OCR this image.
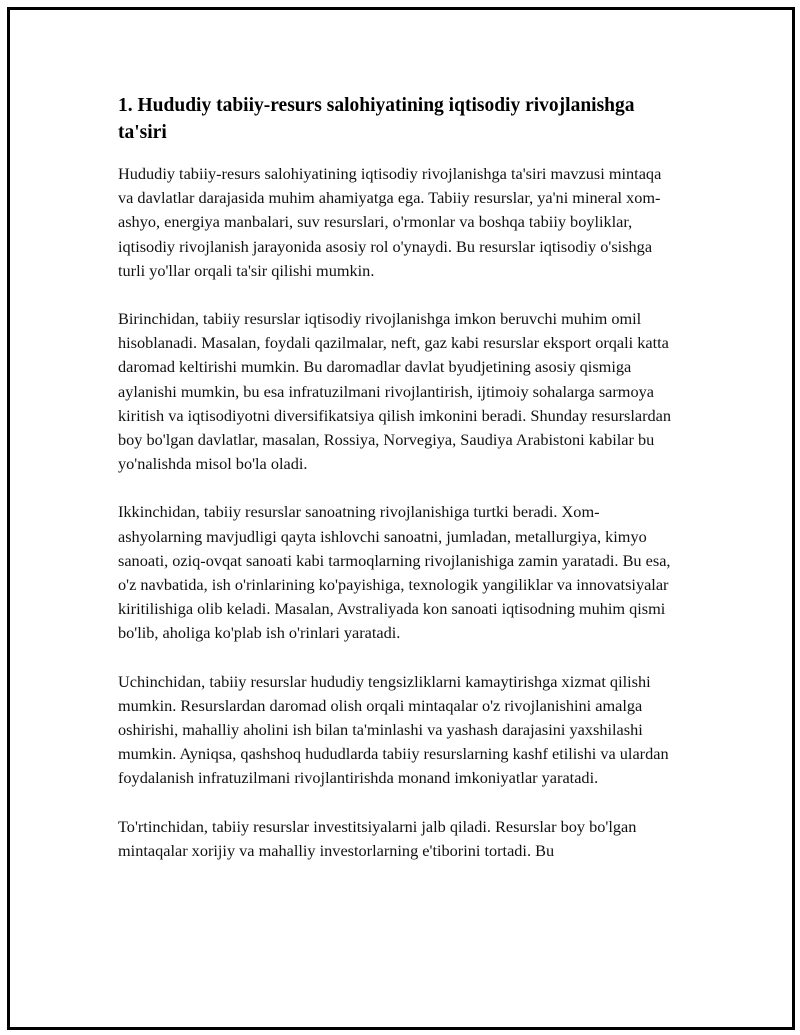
1. Hududiy tabiiy-resurs salohiyatining iqtisodiy rivojlanishga ta'siri

Hududiy tabiiy-resurs salohiyatining iqtisodiy rivojlanishga ta'siri mavzusi mintaqa va davlatlar darajasida muhim ahamiyatga ega. Tabiiy resurslar, ya'ni mineral xom-ashyo, energiya manbalari, suv resurslari, o'rmonlar va boshqa tabiiy boyliklar, iqtisodiy rivojlanish jarayonida asosiy rol o'ynaydi. Bu resurslar iqtisodiy o'sishga turli yo'llar orqali ta'sir qilishi mumkin.

Birinchidan, tabiiy resurslar iqtisodiy rivojlanishga imkon beruvchi muhim omil hisoblanadi. Masalan, foydali qazilmalar, neft, gaz kabi resurslar eksport orqali katta daromad keltirishi mumkin. Bu daromadlar davlat byudjetining asosiy qismiga aylanishi mumkin, bu esa infratuzilmani rivojlantirish, ijtimoiy sohalarga sarmoya kiritish va iqtisodiyotni diversifikatsiya qilish imkonini beradi. Shunday resurslardan boy bo'lgan davlatlar, masalan, Rossiya, Norvegiya, Saudiya Arabistoni kabilar bu yo'nalishda misol bo'la oladi.

Ikkinchidan, tabiiy resurslar sanoatning rivojlanishiga turtki beradi. Xom-ashyolarning mavjudligi qayta ishlovchi sanoatni, jumladan, metallurgiya, kimyo sanoati, oziq-ovqat sanoati kabi tarmoqlarning rivojlanishiga zamin yaratadi. Bu esa, o'z navbatida, ish o'rinlarining ko'payishiga, texnologik yangiliklar va innovatsiyalar kiritilishiga olib keladi. Masalan, Avstraliyada kon sanoati iqtisodning muhim qismi bo'lib, aholiga ko'plab ish o'rinlari yaratadi.

Uchinchidan, tabiiy resurslar hududiy tengsizliklarni kamaytirishga xizmat qilishi mumkin. Resurslardan daromad olish orqali mintaqalar o'z rivojlanishini amalga oshirishi, mahalliy aholini ish bilan ta'minlashi va yashash darajasini yaxshilashi mumkin. Ayniqsa, qashshoq hududlarda tabiiy resurslarning kashf etilishi va ulardan foydalanish infratuzilmani rivojlantirishda monand imkoniyatlar yaratadi.

To'rtinchidan, tabiiy resurslar investitsiyalarni jalb qiladi. Resurslar boy bo'lgan mintaqalar xorijiy va mahalliy investorlarning e'tiborini tortadi. Bu
